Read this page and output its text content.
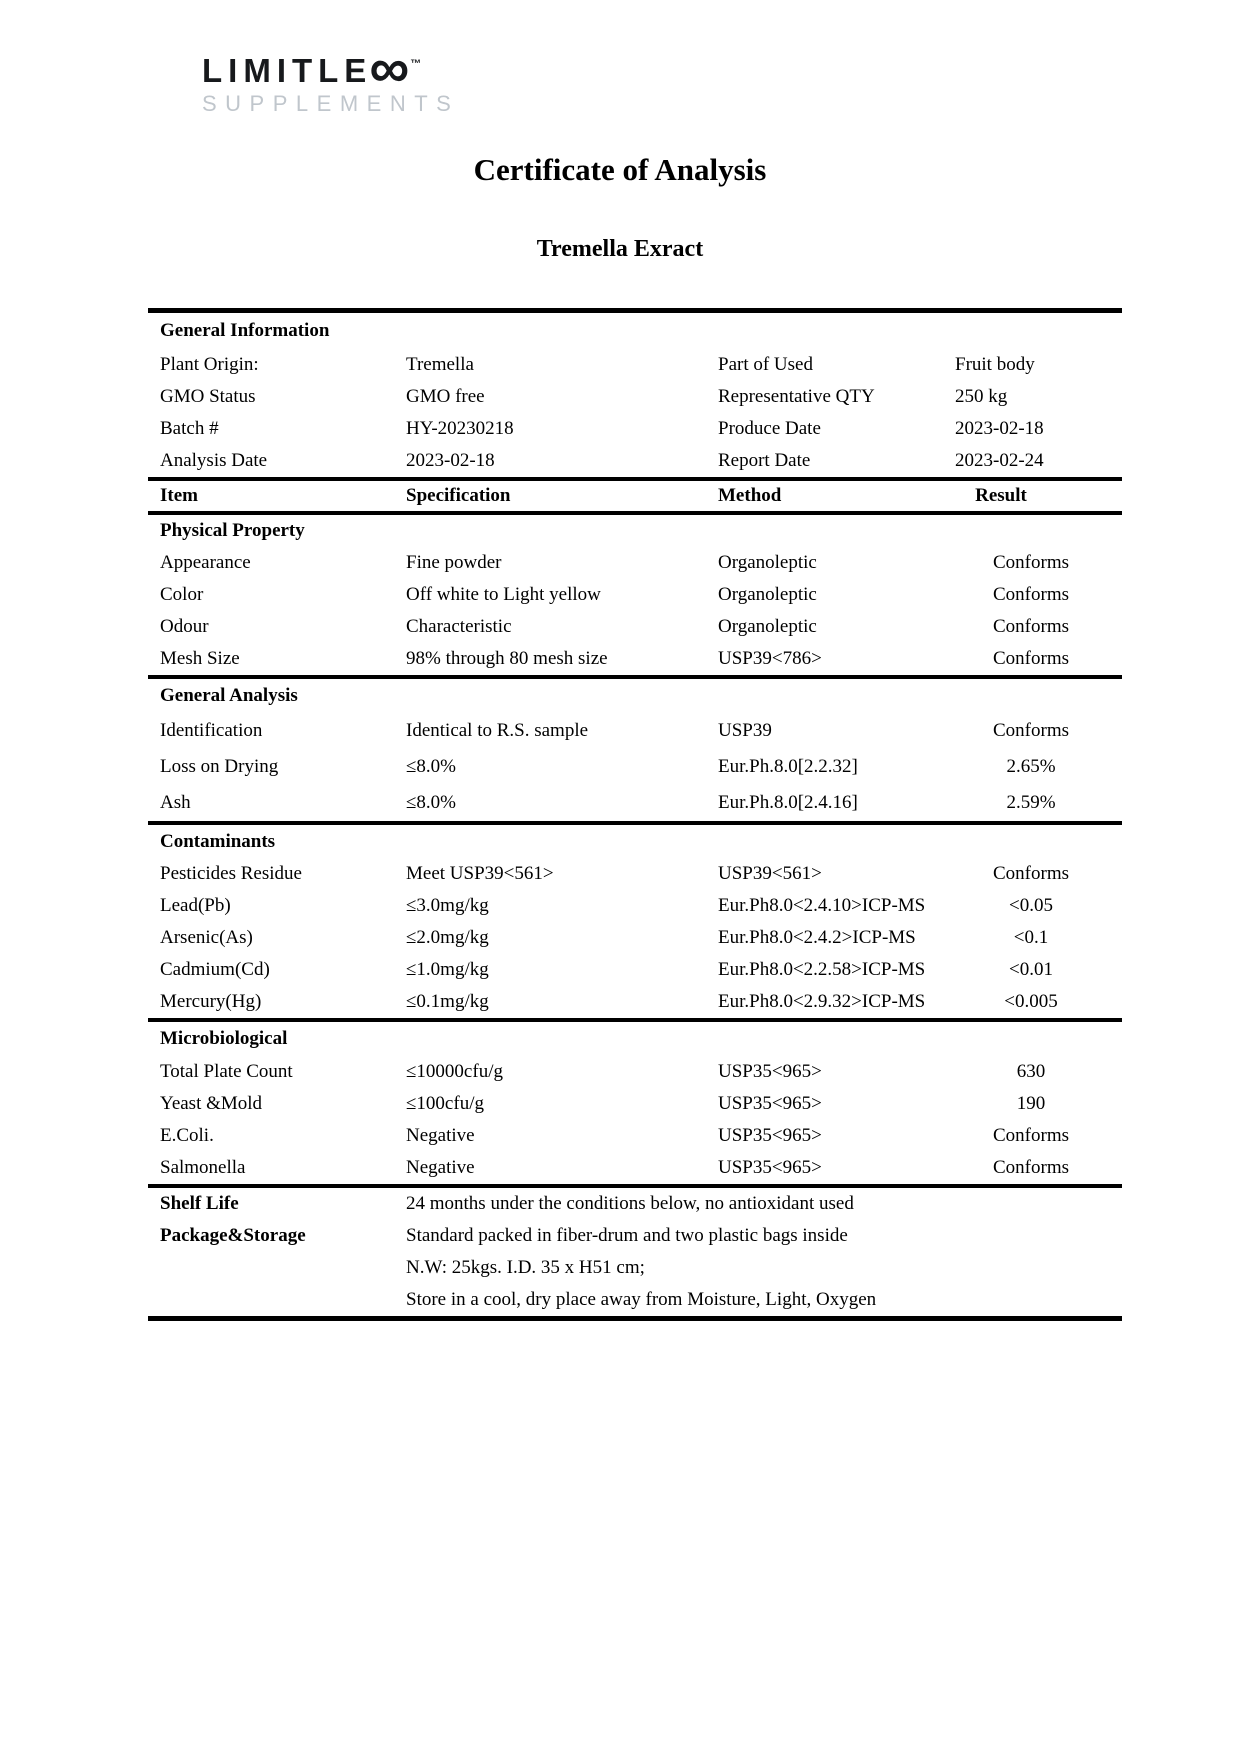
LIMITLE
∞ ™
SUPPLEMENTS
Certificate of Analysis
Tremella Exract
General Information
Plant Origin:	Tremella	Part of Used	Fruit body
GMO Status	GMO free	Representative QTY	250 kg
Batch #	HY-20230218	Produce Date	2023-02-18
Analysis Date	2023-02-18	Report Date	2023-02-24
Item	Specification	Method	Result
Physical Property
Appearance	Fine powder	Organoleptic	Conforms
Color	Off white to Light yellow	Organoleptic	Conforms
Odour	Characteristic	Organoleptic	Conforms
Mesh Size	98% through 80 mesh size	USP39<786>	Conforms
General Analysis
Identification	Identical to R.S. sample	USP39	Conforms
Loss on Drying	≤8.0%	Eur.Ph.8.0[2.2.32]	2.65%
Ash	≤8.0%	Eur.Ph.8.0[2.4.16]	2.59%
Contaminants
Pesticides Residue	Meet USP39<561>	USP39<561>	Conforms
Lead(Pb)	≤3.0mg/kg	Eur.Ph8.0<2.4.10>ICP-MS	<0.05
Arsenic(As)	≤2.0mg/kg	Eur.Ph8.0<2.4.2>ICP-MS	<0.1
Cadmium(Cd)	≤1.0mg/kg	Eur.Ph8.0<2.2.58>ICP-MS	<0.01
Mercury(Hg)	≤0.1mg/kg	Eur.Ph8.0<2.9.32>ICP-MS	<0.005
Microbiological
Total Plate Count	≤10000cfu/g	USP35<965>	630
Yeast &Mold	≤100cfu/g	USP35<965>	190
E.Coli.	Negative	USP35<965>	Conforms
Salmonella	Negative	USP35<965>	Conforms
Shelf Life	24 months under the conditions below, no antioxidant used
Package&Storage	Standard packed in fiber-drum and two plastic bags inside
N.W: 25kgs. I.D. 35 x H51 cm;
Store in a cool, dry place away from Moisture, Light, Oxygen
